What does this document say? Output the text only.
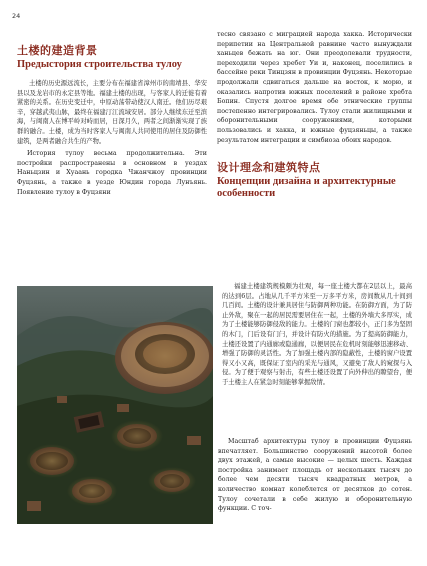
24
土楼的建造背景
Предыстория строительства тулоу

土楼的历史源远流长，主要分布在福建省漳州市的南靖县、华安县以及龙岩市的永定县等地。福建土楼的出现，与客家人的迁徙有着紧密的关系。在历史变迁中，中原动荡带动使汉人南迁。他们历尽艰辛，穿越武夷山脉，最终在福建汀江流域安居。部分人继续东迁至滨海，与闽南人在博平岭对峙而居，日深月久，两者之间渐渐实现了族群的融合。土楼，成为当时客家人与闽南人共同使用的居住及防御性建筑，是两者融合共生的产物。

История тулоу весьма продолжительна. Эти постройки распространены в основном в уездах Наньцзин и Хуаань городка Чжанчжоу провинции Фуцзянь, а также в уезде Юндин города Лунъянь. Появление тулоу в Фуцзяни

тесно связано с миграцией народа хакка. Исторически перипетии на Центральной равнине часто вынуждали ханьцев бежать на юг. Они преодолевали трудности, переходили через хребет Уи и, наконец, поселились в бассейне реки Тинцзян в провинции Фуцзянь. Некоторые продолжали сдвигаться дальше на восток, к морю, и оказались напротив южных поселений в районе хребта Бопин. Спустя долгое время обе этнические группы постепенно интегрировались. Тулоу стали жилищными и оборонительными сооружениями, которыми пользовались и хакка, и южные фуцзяньцы, а также результатом интеграции и симбиоза обоих народов.

设计理念和建筑特点
Концепции дизайна и архитектурные особенности

福建土楼建筑规模颇为壮观，每一座土楼大都在2层以上，最高的达到6层。占地从几千平方米至一万多平方米，房间数从几十间到几百间。土楼的设计兼具居住与防御两种功能。在防御方面，为了防止外敌，聚在一起的居民需要居住在一起，土楼的外墙大多厚实，成为了土楼能够防御侵敌的能力。土楼的门窗也都较小，正门多为坚固的木门，门后设有门闩，并设计有防火的措施。为了提高防御能力，土楼还设置了内通廊或隐通廊，以便居民在危机时刻能够迅速移动、增强了防御的灵活性。为了加强土楼内部的隐蔽性，土楼的窗户设置得又小又高，既保证了室内的采光与通风，又避免了敌人的窥探与入侵。为了便于观察与射击，有些土楼还设置了向外伸出的瞭望台，便于土楼主人在紧急时刻能够掌握敌情。

Масштаб архитектуры тулоу в провинции Фуцзянь впечатляет. Большинство сооружений высотой более двух этажей, а самые высокие — целых шесть. Каждая постройка занимает площадь от нескольких тысяч до более чем десяти тысяч квадратных метров, а количество комнат колеблется от десятков до сотен. Тулоу сочетали в себе жилую и оборонительную функции. С точ-
